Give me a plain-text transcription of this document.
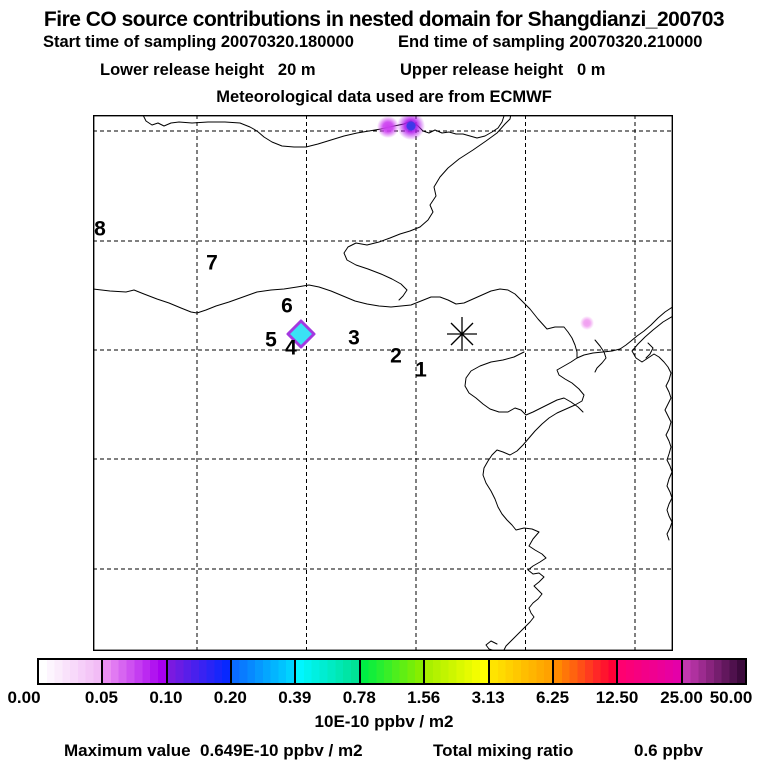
Fire CO source contributions in nested domain for Shangdianzi_200703
Start time of sampling 20070320.180000	End time of sampling 20070320.210000
Lower release height   20 m	Upper release height   0 m
Meteorological data used are from ECMWF
1
2
3
4
5
6
7
8
0.00	0.05 0.10 0.20 0.39 0.78 1.56 3.13 6.25 12.50 25.00 50.00
10E-10 ppbv / m2
Maximum value  0.649E-10 ppbv / m2	Total mixing ratio	0.6 ppbv
